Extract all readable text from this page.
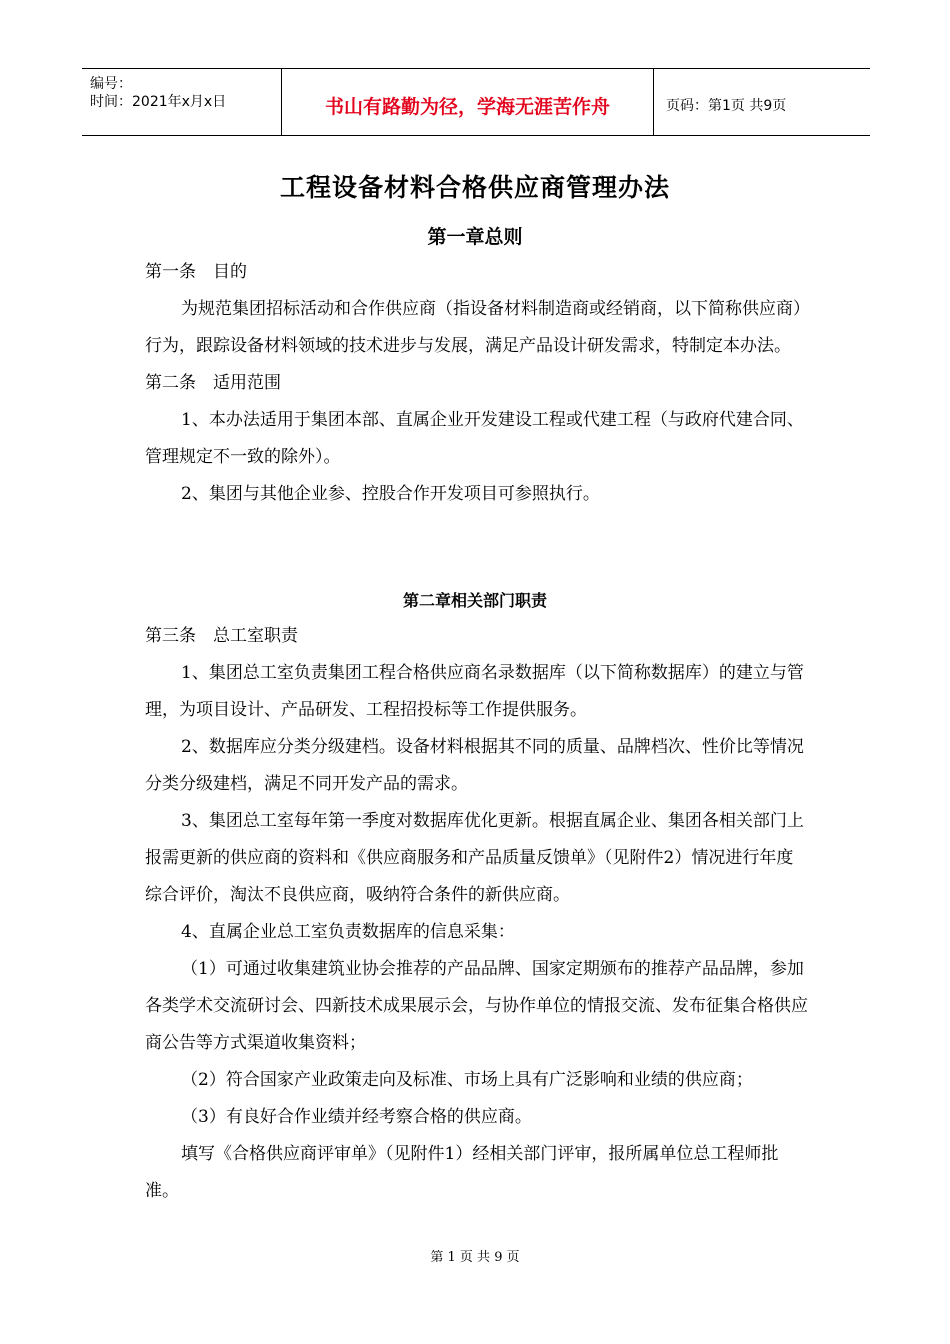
编号：
时间：2021年x月x日	书山有路勤为径，学海无涯苦作舟	页码：第1页 共9页
工程设备材料合格供应商管理办法
第一章总则

第一条　目的

为规范集团招标活动和合作供应商（指设备材料制造商或经销商，以下简称供应商）行为，跟踪设备材料领域的技术进步与发展，满足产品设计研发需求，特制定本办法。

第二条　适用范围

1、本办法适用于集团本部、直属企业开发建设工程或代建工程（与政府代建合同、管理规定不一致的除外）。

2、集团与其他企业参、控股合作开发项目可参照执行。

第二章相关部门职责

第三条　总工室职责

1、集团总工室负责集团工程合格供应商名录数据库（以下简称数据库）的建立与管理，为项目设计、产品研发、工程招投标等工作提供服务。

2、数据库应分类分级建档。设备材料根据其不同的质量、品牌档次、性价比等情况分类分级建档，满足不同开发产品的需求。

3、集团总工室每年第一季度对数据库优化更新。根据直属企业、集团各相关部门上报需更新的供应商的资料和《供应商服务和产品质量反馈单》（见附件2）情况进行年度综合评价，淘汰不良供应商，吸纳符合条件的新供应商。

4、直属企业总工室负责数据库的信息采集：

（1）可通过收集建筑业协会推荐的产品品牌、国家定期颁布的推荐产品品牌，参加各类学术交流研讨会、四新技术成果展示会，与协作单位的情报交流、发布征集合格供应商公告等方式渠道收集资料；

（2）符合国家产业政策走向及标准、市场上具有广泛影响和业绩的供应商；

（3）有良好合作业绩并经考察合格的供应商。

填写《合格供应商评审单》（见附件1）经相关部门评审，报所属单位总工程师批准。

第 1 页 共 9 页
